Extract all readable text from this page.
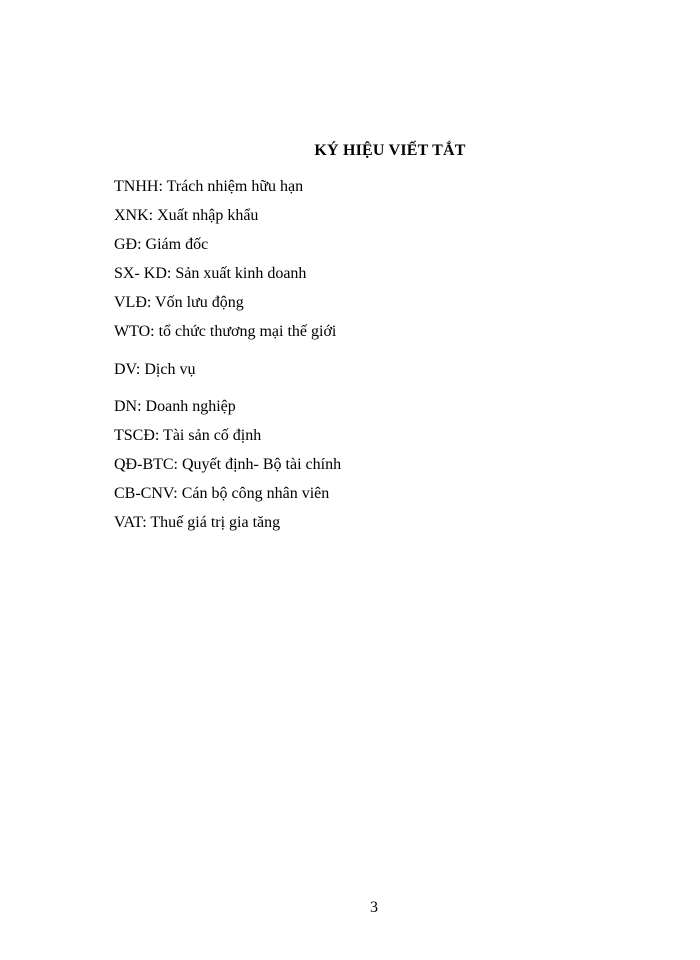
KÝ HIỆU VIẾT TẮT
TNHH: Trách nhiệm hữu hạn
XNK: Xuất nhập khẩu
GĐ: Giám đốc
SX- KD: Sản xuất kinh doanh
VLĐ: Vốn lưu động
WTO: tổ chức thương mại thế giới
DV: Dịch vụ
DN: Doanh nghiệp
TSCĐ: Tài sản cố định
QĐ-BTC: Quyết định- Bộ tài chính
CB-CNV: Cán bộ công nhân viên
VAT: Thuế giá trị gia tăng
3
